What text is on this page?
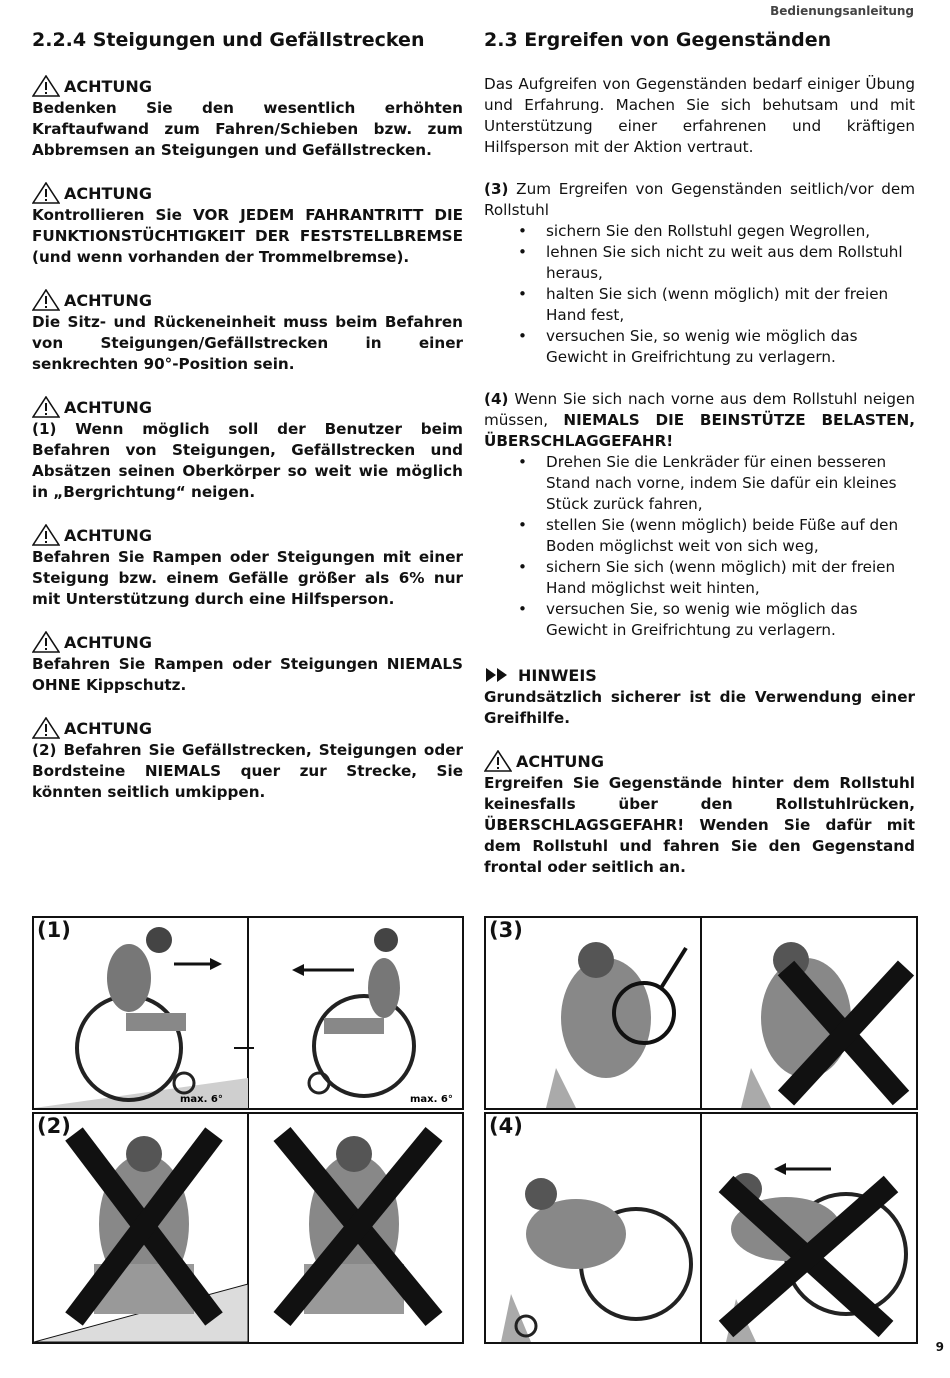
Bedienungsanleitung
2.2.4 Steigungen und Gefällstrecken
ACHTUNG
Bedenken Sie den wesentlich erhöhten Kraftaufwand zum Fahren/Schieben bzw. zum Abbremsen an Steigungen und Gefällstrecken.
ACHTUNG
Kontrollieren Sie VOR JEDEM FAHRANTRITT DIE FUNKTIONSTÜCHTIGKEIT DER FESTSTELLBREMSE (und wenn vorhanden der Trommelbremse).
ACHTUNG
Die Sitz- und Rückeneinheit muss beim Befahren von Steigungen/Gefällstrecken in einer senkrechten 90°-Position sein.
ACHTUNG
(1) Wenn möglich soll der Benutzer beim Befahren von Steigungen, Gefällstrecken und Absätzen seinen Oberkörper so weit wie möglich in „Bergrichtung“ neigen.
ACHTUNG
Befahren Sie Rampen oder Steigungen mit einer Steigung bzw. einem Gefälle größer als 6% nur mit Unterstützung durch eine Hilfsperson.
ACHTUNG
Befahren Sie Rampen oder Steigungen NIEMALS OHNE Kippschutz.
ACHTUNG
(2) Befahren Sie Gefällstrecken, Steigungen oder Bordsteine NIEMALS quer zur Strecke, Sie könnten seitlich umkippen.
2.3 Ergreifen von Gegenständen
Das Aufgreifen von Gegenständen bedarf einiger Übung und Erfahrung. Machen Sie sich behutsam und mit Unterstützung einer erfahrenen und kräftigen Hilfsperson mit der Aktion vertraut.
(3) Zum Ergreifen von Gegenständen seitlich/vor dem Rollstuhl
• sichern Sie den Rollstuhl gegen Wegrollen,
• lehnen Sie sich nicht zu weit aus dem Rollstuhl heraus,
• halten Sie sich (wenn möglich) mit der freien Hand fest,
• versuchen Sie, so wenig wie möglich das Gewicht in Greifrichtung zu verlagern.
(4) Wenn Sie sich nach vorne aus dem Rollstuhl neigen müssen, NIEMALS DIE BEINSTÜTZE BELASTEN, ÜBERSCHLAGGEFAHR!
• Drehen Sie die Lenkräder für einen besseren Stand nach vorne, indem Sie dafür ein kleines Stück zurück fahren,
• stellen Sie (wenn möglich) beide Füße auf den Boden möglichst weit von sich weg,
• sichern Sie sich (wenn möglich) mit der freien Hand möglichst weit hinten,
• versuchen Sie, so wenig wie möglich das Gewicht in Greifrichtung zu verlagern.
HINWEIS
Grundsätzlich sicherer ist die Verwendung einer Greifhilfe.
ACHTUNG
Ergreifen Sie Gegenstände hinter dem Rollstuhl keinesfalls über den Rollstuhlrücken, ÜBERSCHLAGSGEFAHR! Wenden Sie dafür mit dem Rollstuhl und fahren Sie den Gegenstand frontal oder seitlich an.
max. 6°	max. 6°
(1)
(2)
(3)
(4)
9
